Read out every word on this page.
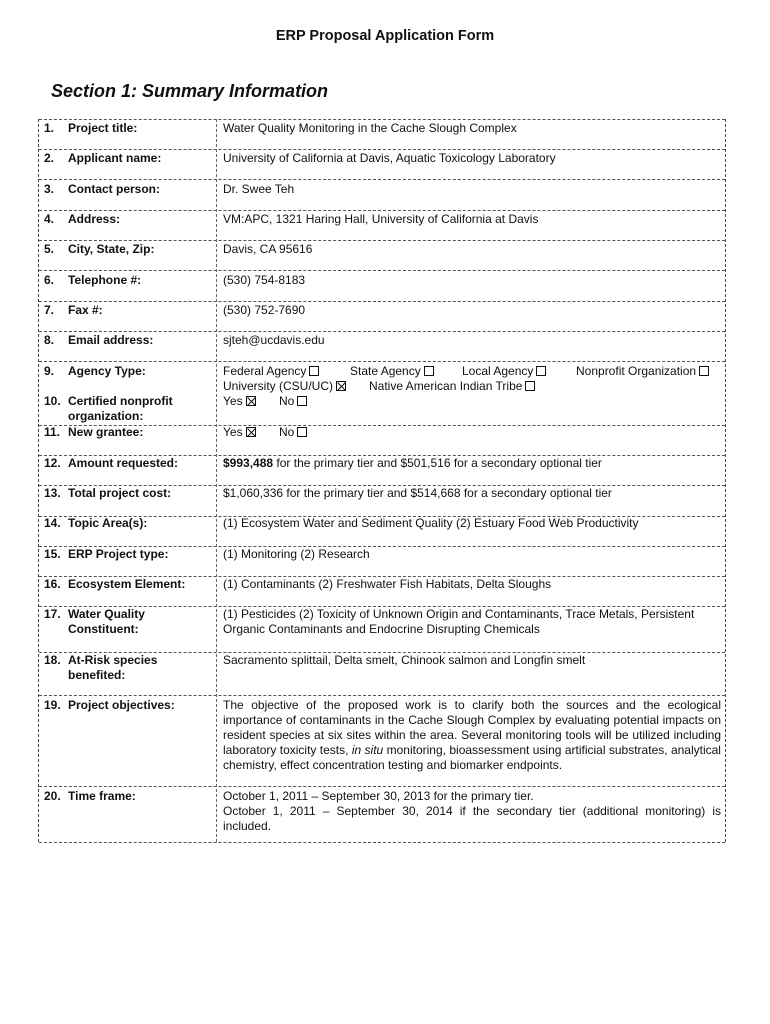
ERP Proposal Application Form
Section 1: Summary Information
1.	Project title:	Water Quality Monitoring in the Cache Slough Complex
2.	Applicant name:	University of California at Davis, Aquatic Toxicology Laboratory
3.	Contact person:	Dr. Swee Teh
4.	Address:	VM:APC, 1321 Haring Hall, University of California at Davis
5.	City, State, Zip:	Davis, CA 95616
6.	Telephone #:	(530) 754-8183
7.	Fax #:	(530) 752-7690
8.	Email address:	sjteh@ucdavis.edu
9.	Agency Type:	Federal Agency	State Agency	Local Agency	Nonprofit Organization
University (CSU/UC)	Native American Indian Tribe
10. Certified nonprofit organization:
Yes	No
11. New grantee:	Yes	No
12. Amount requested:	$993,488 for the primary tier and $501,516 for a secondary optional tier
13. Total project cost:	$1,060,336 for the primary tier and $514,668 for a secondary optional tier
14. Topic Area(s):	(1) Ecosystem Water and Sediment Quality (2) Estuary Food Web Productivity
15. ERP Project type:	(1) Monitoring (2) Research
16. Ecosystem Element:	(1) Contaminants (2) Freshwater Fish Habitats, Delta Sloughs
17. Water Quality Constituent:
(1) Pesticides (2) Toxicity of Unknown Origin and Contaminants, Trace Metals, Persistent Organic Contaminants and Endocrine Disrupting Chemicals
18. At-Risk species benefited:
Sacramento splittail, Delta smelt, Chinook salmon and Longfin smelt
19. Project objectives:	The objective of the proposed work is to clarify both the sources and the ecological importance of contaminants in the Cache Slough Complex by evaluating potential impacts on resident species at six sites within the area. Several monitoring tools will be utilized including laboratory toxicity tests, in situ monitoring, bioassessment using artificial substrates, analytical chemistry, effect concentration testing and biomarker endpoints.
20. Time frame:	October 1, 2011 – September 30, 2013 for the primary tier.
October 1, 2011 – September 30, 2014 if the secondary tier (additional monitoring) is included.
